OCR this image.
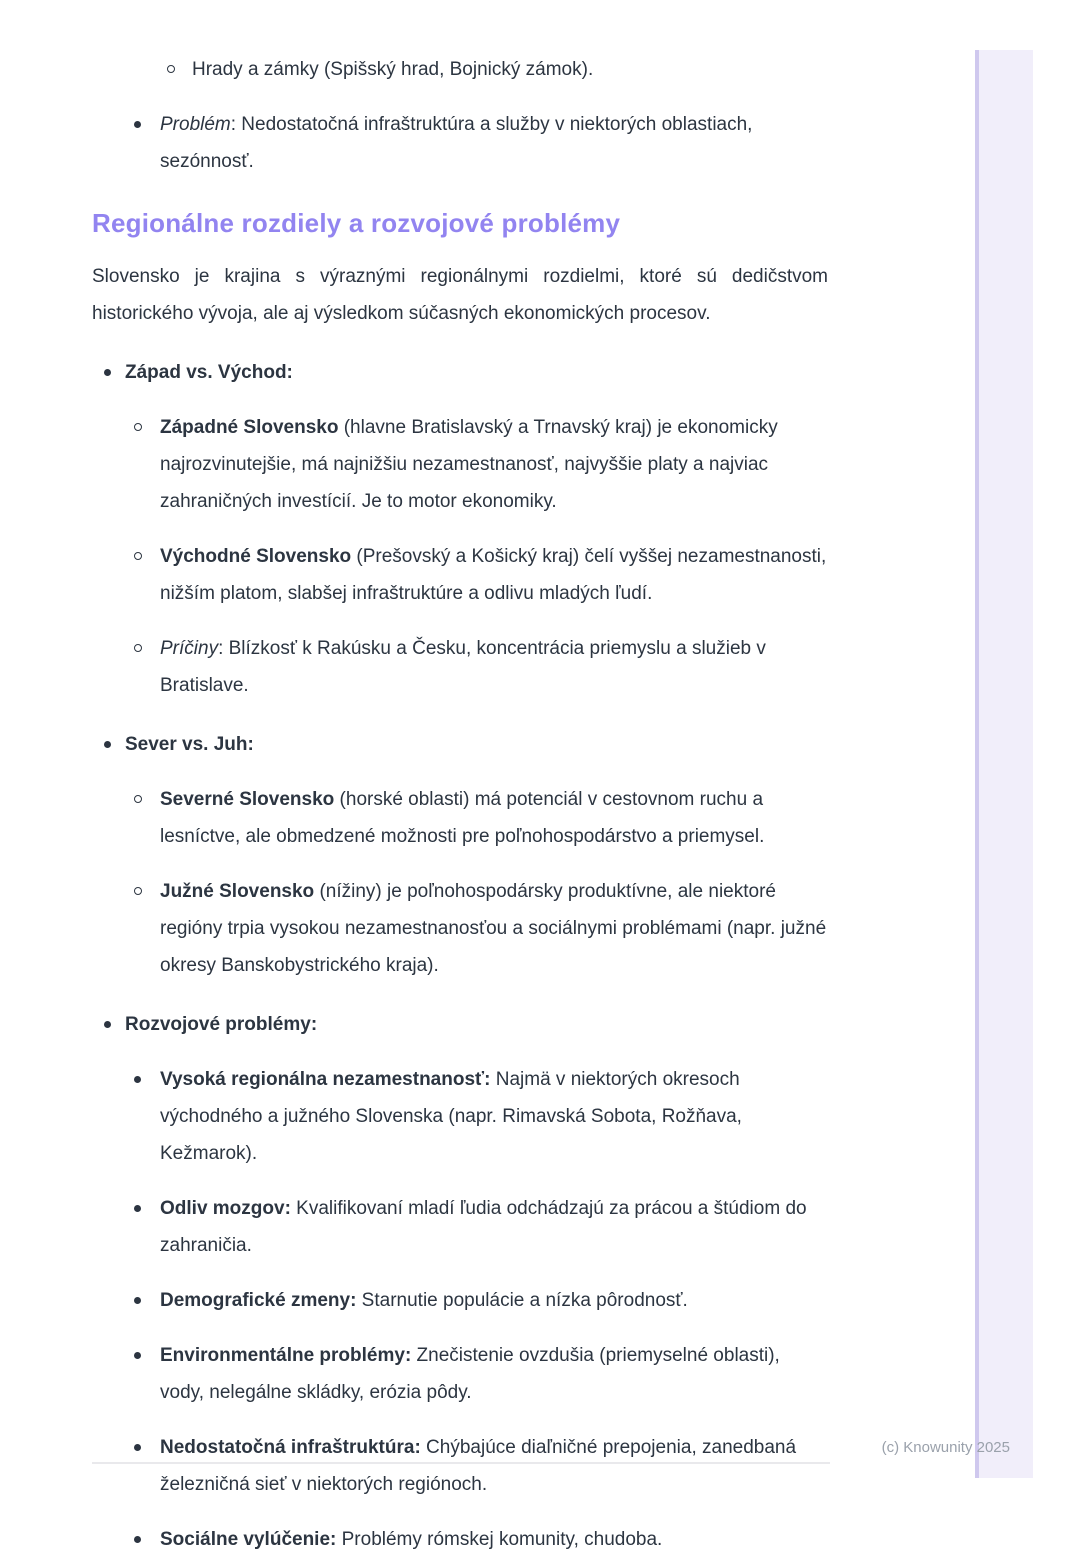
Hrady a zámky (Spišský hrad, Bojnický zámok).
Problém: Nedostatočná infraštruktúra a služby v niektorých oblastiach, sezónnosť.
Regionálne rozdiely a rozvojové problémy

Slovensko je krajina s výraznými regionálnymi rozdielmi, ktoré sú dedičstvom historického vývoja, ale aj výsledkom súčasných ekonomických procesov.

Západ vs. Východ:
Západné Slovensko (hlavne Bratislavský a Trnavský kraj) je ekonomicky najrozvinutejšie, má najnižšiu nezamestnanosť, najvyššie platy a najviac zahraničných investícií. Je to motor ekonomiky.
Východné Slovensko (Prešovský a Košický kraj) čelí vyššej nezamestnanosti, nižším platom, slabšej infraštruktúre a odlivu mladých ľudí.
Príčiny: Blízkosť k Rakúsku a Česku, koncentrácia priemyslu a služieb v Bratislave.
Sever vs. Juh:
Severné Slovensko (horské oblasti) má potenciál v cestovnom ruchu a lesníctve, ale obmedzené možnosti pre poľnohospodárstvo a priemysel.
Južné Slovensko (nížiny) je poľnohospodársky produktívne, ale niektoré regióny trpia vysokou nezamestnanosťou a sociálnymi problémami (napr. južné okresy Banskobystrického kraja).
Rozvojové problémy:
Vysoká regionálna nezamestnanosť: Najmä v niektorých okresoch východného a južného Slovenska (napr. Rimavská Sobota, Rožňava, Kežmarok).
Odliv mozgov: Kvalifikovaní mladí ľudia odchádzajú za prácou a štúdiom do zahraničia.
Demografické zmeny: Starnutie populácie a nízka pôrodnosť.
Environmentálne problémy: Znečistenie ovzdušia (priemyselné oblasti), vody, nelegálne skládky, erózia pôdy.
Nedostatočná infraštruktúra: Chýbajúce diaľničné prepojenia, zanedbaná železničná sieť v niektorých regiónoch.
Sociálne vylúčenie: Problémy rómskej komunity, chudoba.
(c) Knowunity 2025
